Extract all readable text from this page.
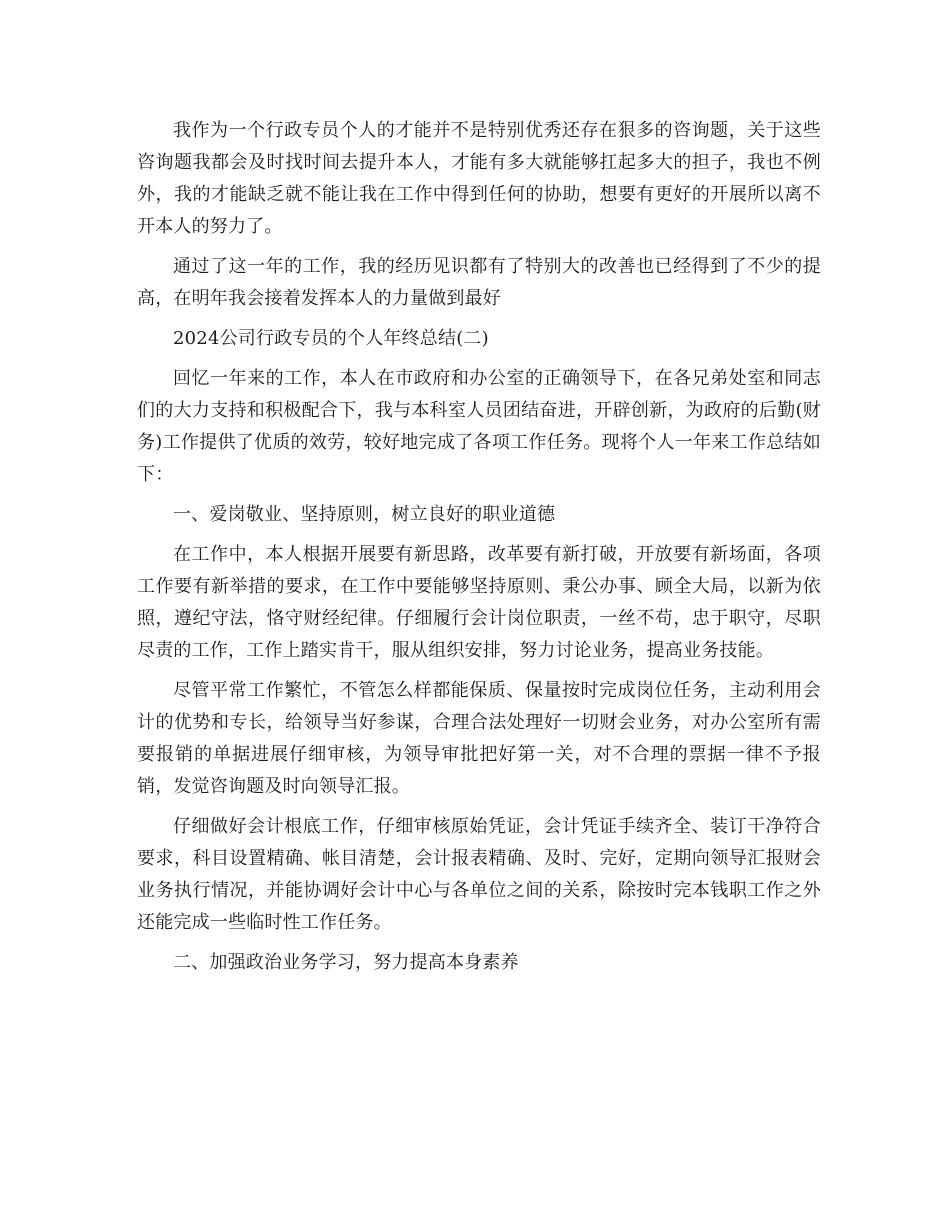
我作为一个行政专员个人的才能并不是特别优秀还存在狠多的咨询题，关于这些咨询题我都会及时找时间去提升本人，才能有多大就能够扛起多大的担子，我也不例外，我的才能缺乏就不能让我在工作中得到任何的协助，想要有更好的开展所以离不开本人的努力了。

通过了这一年的工作，我的经历见识都有了特别大的改善也已经得到了不少的提高，在明年我会接着发挥本人的力量做到最好

2024公司行政专员的个人年终总结(二)

回忆一年来的工作，本人在市政府和办公室的正确领导下，在各兄弟处室和同志们的大力支持和积极配合下，我与本科室人员团结奋进，开辟创新，为政府的后勤(财务)工作提供了优质的效劳，较好地完成了各项工作任务。现将个人一年来工作总结如下：

一、爱岗敬业、坚持原则，树立良好的职业道德

在工作中，本人根据开展要有新思路，改革要有新打破，开放要有新场面，各项工作要有新举措的要求，在工作中要能够坚持原则、秉公办事、顾全大局，以新为依照，遵纪守法，恪守财经纪律。仔细履行会计岗位职责，一丝不苟，忠于职守，尽职尽责的工作，工作上踏实肯干，服从组织安排，努力讨论业务，提高业务技能。

尽管平常工作繁忙，不管怎么样都能保质、保量按时完成岗位任务，主动利用会计的优势和专长，给领导当好参谋，合理合法处理好一切财会业务，对办公室所有需要报销的单据进展仔细审核，为领导审批把好第一关，对不合理的票据一律不予报销，发觉咨询题及时向领导汇报。

仔细做好会计根底工作，仔细审核原始凭证，会计凭证手续齐全、装订干净符合要求，科目设置精确、帐目清楚，会计报表精确、及时、完好，定期向领导汇报财会业务执行情况，并能协调好会计中心与各单位之间的关系，除按时完本钱职工作之外还能完成一些临时性工作任务。

二、加强政治业务学习，努力提高本身素养
